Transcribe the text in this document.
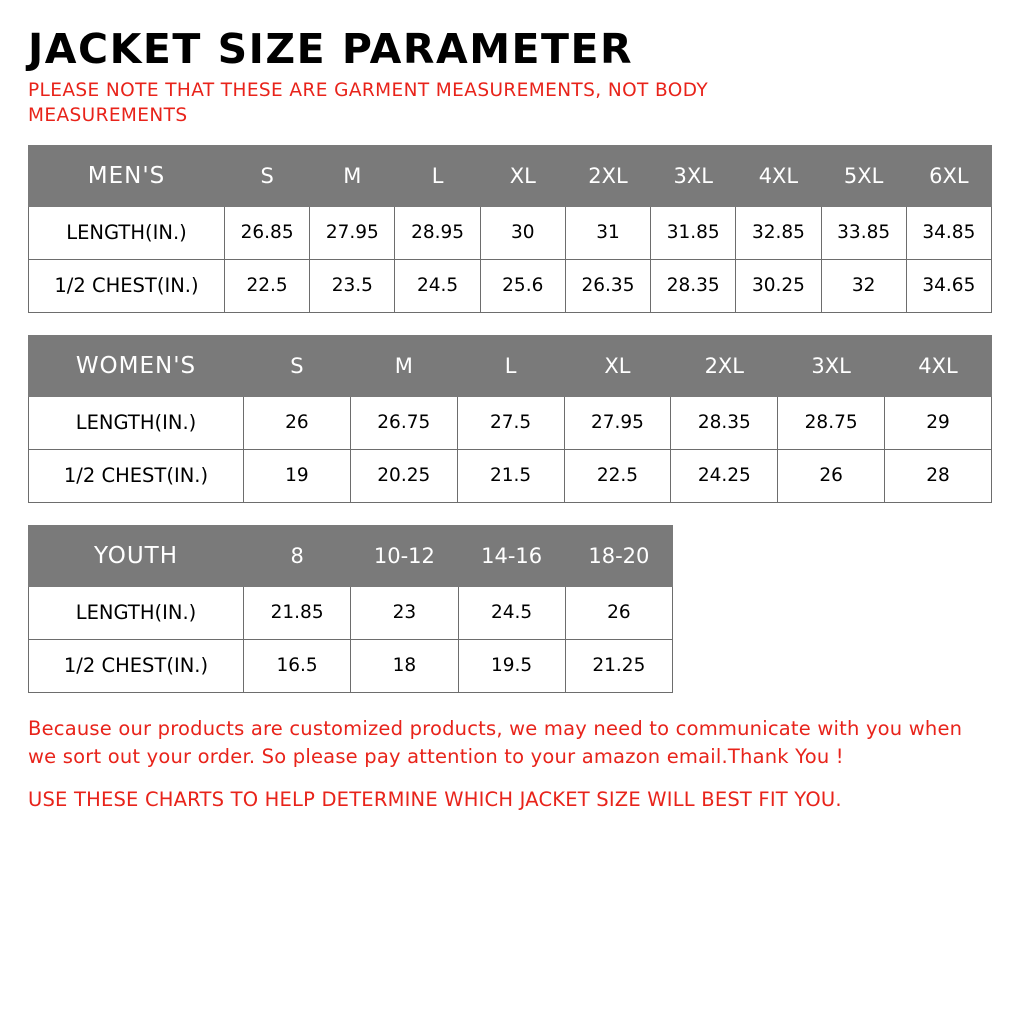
JACKET SIZE PARAMETER
PLEASE NOTE THAT THESE ARE GARMENT MEASUREMENTS, NOT BODY MEASUREMENTS
MEN'S	S	M	L	XL	2XL	3XL	4XL	5XL	6XL
LENGTH(IN.)	26.85	27.95	28.95	30	31	31.85	32.85	33.85	34.85
1/2 CHEST(IN.)	22.5	23.5	24.5	25.6	26.35	28.35	30.25	32	34.65
WOMEN'S	S	M	L	XL	2XL	3XL	4XL
LENGTH(IN.)	26	26.75	27.5	27.95	28.35	28.75	29
1/2 CHEST(IN.)	19	20.25	21.5	22.5	24.25	26	28
YOUTH	8	10-12	14-16	18-20
LENGTH(IN.)	21.85	23	24.5	26
1/2 CHEST(IN.)	16.5	18	19.5	21.25

Because our products are customized products, we may need to communicate with you when we sort out your order. So please pay attention to your amazon email.Thank You !

USE THESE CHARTS TO HELP DETERMINE WHICH JACKET SIZE WILL BEST FIT YOU.
